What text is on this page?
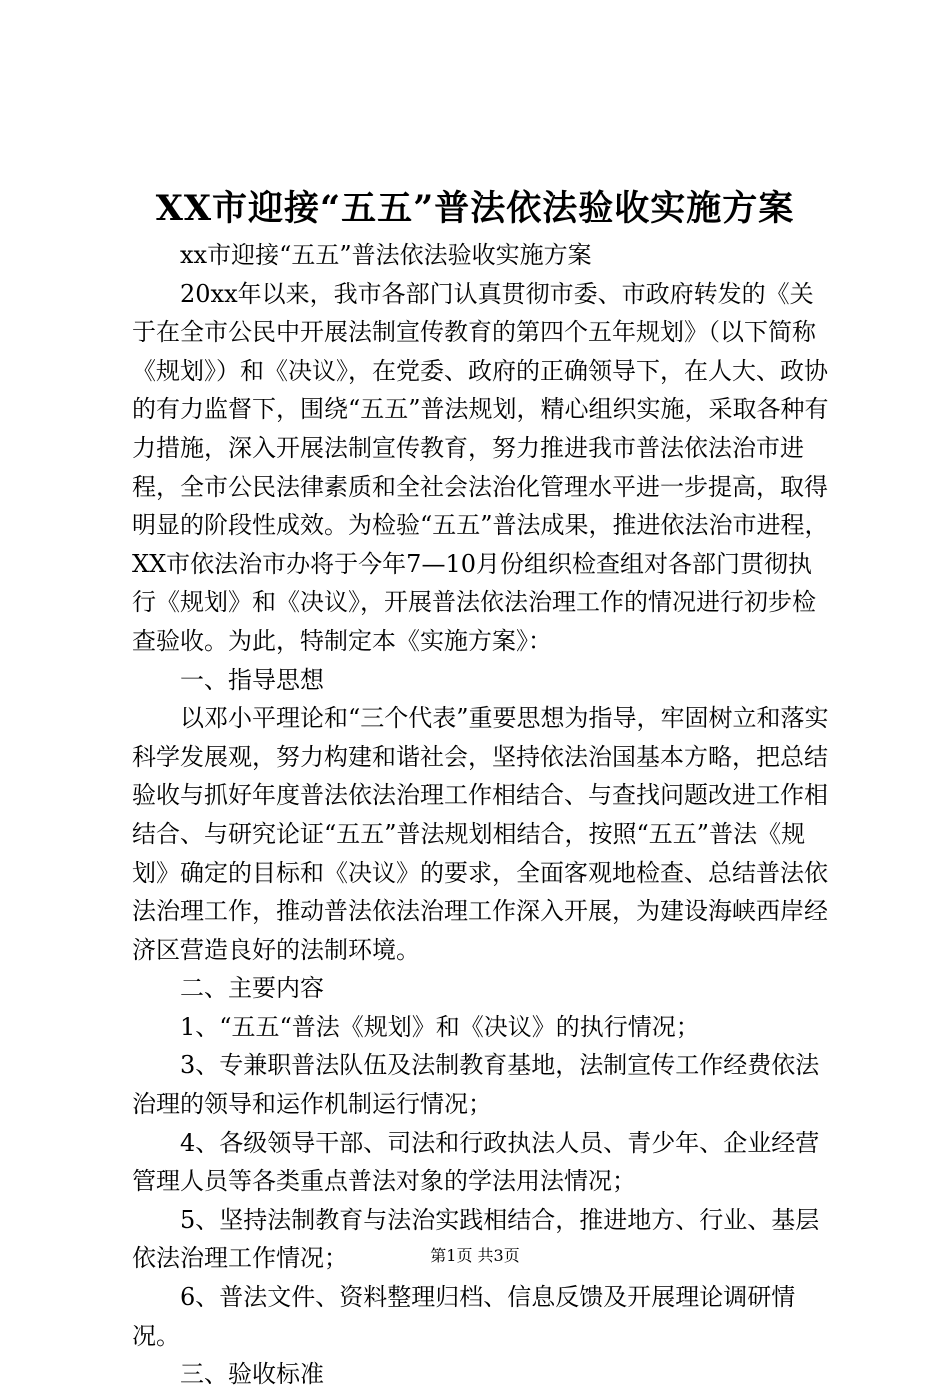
XX市迎接“五五”普法依法验收实施方案

xx市迎接“五五”普法依法验收实施方案

20xx年以来，我市各部门认真贯彻市委、市政府转发的《关于在全市公民中开展法制宣传教育的第四个五年规划》（以下简称《规划》）和《决议》，在党委、政府的正确领导下，在人大、政协的有力监督下，围绕“五五”普法规划，精心组织实施，采取各种有力措施，深入开展法制宣传教育，努力推进我市普法依法治市进程，全市公民法律素质和全社会法治化管理水平进一步提高，取得明显的阶段性成效。为检验“五五”普法成果，推进依法治市进程，XX市依法治市办将于今年7—10月份组织检查组对各部门贯彻执行《规划》和《决议》，开展普法依法治理工作的情况进行初步检查验收。为此，特制定本《实施方案》：

一、指导思想

以邓小平理论和“三个代表”重要思想为指导，牢固树立和落实科学发展观，努力构建和谐社会，坚持依法治国基本方略，把总结验收与抓好年度普法依法治理工作相结合、与查找问题改进工作相结合、与研究论证“五五”普法规划相结合，按照“五五”普法《规划》确定的目标和《决议》的要求，全面客观地检查、总结普法依法治理工作，推动普法依法治理工作深入开展，为建设海峡西岸经济区营造良好的法制环境。

二、主要内容

1、“五五“普法《规划》和《决议》的执行情况；

3、专兼职普法队伍及法制教育基地，法制宣传工作经费依法治理的领导和运作机制运行情况；

4、各级领导干部、司法和行政执法人员、青少年、企业经营管理人员等各类重点普法对象的学法用法情况；

5、坚持法制教育与法治实践相结合，推进地方、行业、基层依法治理工作情况；

6、普法文件、资料整理归档、信息反馈及开展理论调研情况。

三、验收标准

第1页 共3页
